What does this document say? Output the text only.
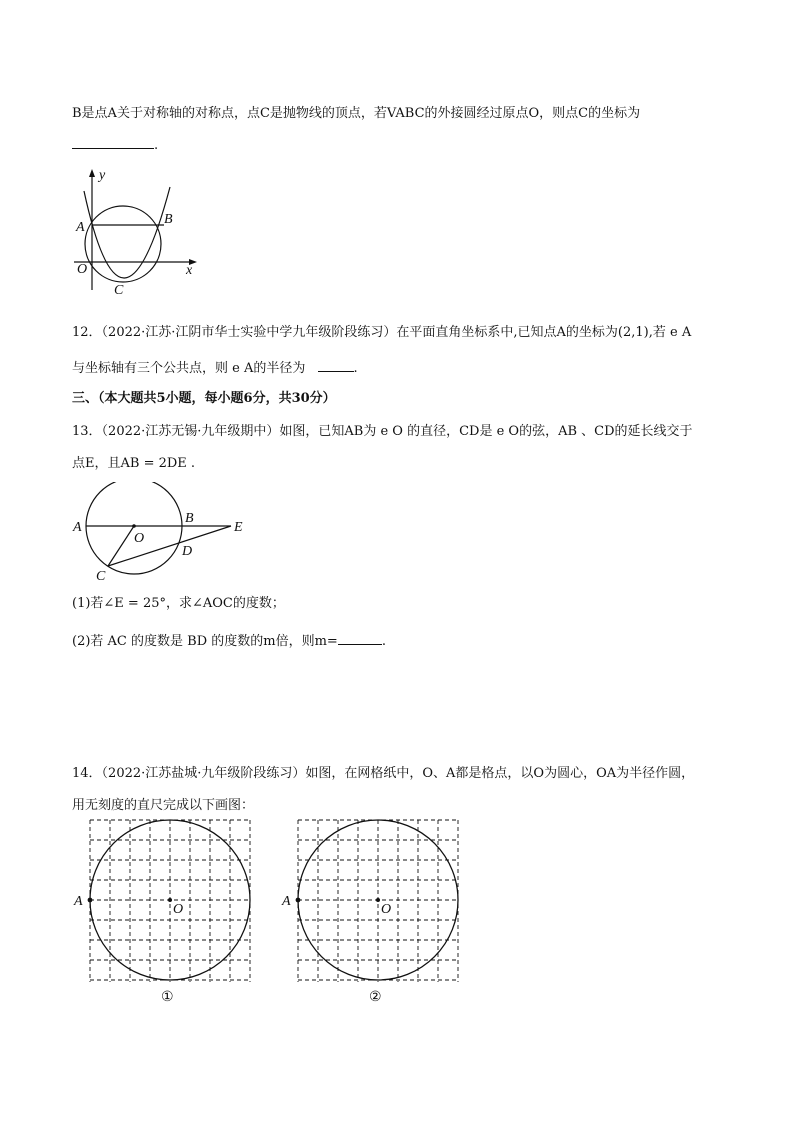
B是点A关于对称轴的对称点，点C是抛物线的顶点，若VABC的外接圆经过原点O，则点C的坐标为
.
y
x
A
B
O
C
12．（2022·江苏·江阴市华士实验中学九年级阶段练习）在平面直角坐标系中,已知点A的坐标为(2,1),若 e A
与坐标轴有三个公共点，则 e A的半径为	.
三、（本大题共5小题，每小题6分，共30分）
13．（2022·江苏无锡·九年级期中）如图，已知AB为 e O 的直径，CD是 e O的弦，AB 、CD的延长线交于
点E，且AB = 2DE .
A
B
E
O
D
C
(1)若∠E = 25°，求∠AOC的度数；
(2)若 AC 的度数是 BD 的度数的m倍，则m=	.
14．（2022·江苏盐城·九年级阶段练习）如图，在网格纸中，O、A都是格点，以O为圆心，OA为半径作圆，
用无刻度的直尺完成以下画图：
A
O
①
A
O
②
